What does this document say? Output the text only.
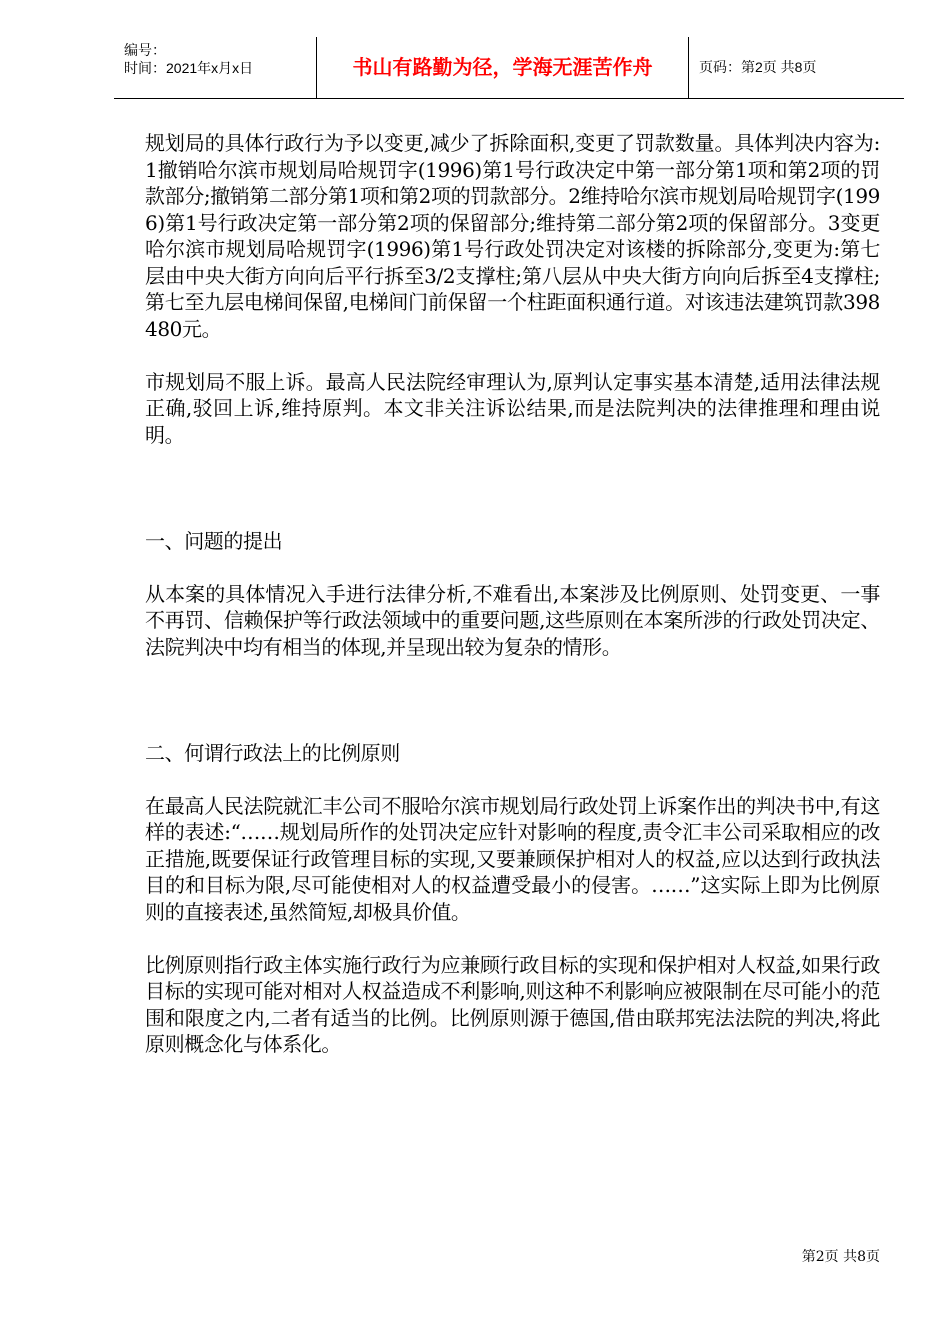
编号：
时间：2021年x月x日	书山有路勤为径，学海无涯苦作舟	页码：第2页 共8页

规划局的具体行政行为予以变更,减少了拆除面积,变更了罚款数量。具体判决内容为:1撤销哈尔滨市规划局哈规罚字(1996)第1号行政决定中第一部分第1项和第2项的罚款部分;撤销第二部分第1项和第2项的罚款部分。2维持哈尔滨市规划局哈规罚字(1996)第1号行政决定第一部分第2项的保留部分;维持第二部分第2项的保留部分。3变更哈尔滨市规划局哈规罚字(1996)第1号行政处罚决定对该楼的拆除部分,变更为:第七层由中央大街方向向后平行拆至3/2支撑柱;第八层从中央大街方向向后拆至4支撑柱;第七至九层电梯间保留,电梯间门前保留一个柱距面积通行道。对该违法建筑罚款398480元。

市规划局不服上诉。最高人民法院经审理认为,原判认定事实基本清楚,适用法律法规正确,驳回上诉,维持原判。本文非关注诉讼结果,而是法院判决的法律推理和理由说明。

一、问题的提出

从本案的具体情况入手进行法律分析,不难看出,本案涉及比例原则、处罚变更、一事不再罚、信赖保护等行政法领域中的重要问题,这些原则在本案所涉的行政处罚决定、法院判决中均有相当的体现,并呈现出较为复杂的情形。

二、何谓行政法上的比例原则

在最高人民法院就汇丰公司不服哈尔滨市规划局行政处罚上诉案作出的判决书中,有这样的表述:“……规划局所作的处罚决定应针对影响的程度,责令汇丰公司采取相应的改正措施,既要保证行政管理目标的实现,又要兼顾保护相对人的权益,应以达到行政执法目的和目标为限,尽可能使相对人的权益遭受最小的侵害。……”这实际上即为比例原则的直接表述,虽然简短,却极具价值。

比例原则指行政主体实施行政行为应兼顾行政目标的实现和保护相对人权益,如果行政目标的实现可能对相对人权益造成不利影响,则这种不利影响应被限制在尽可能小的范围和限度之内,二者有适当的比例。比例原则源于德国,借由联邦宪法法院的判决,将此原则概念化与体系化。

第2页 共8页
